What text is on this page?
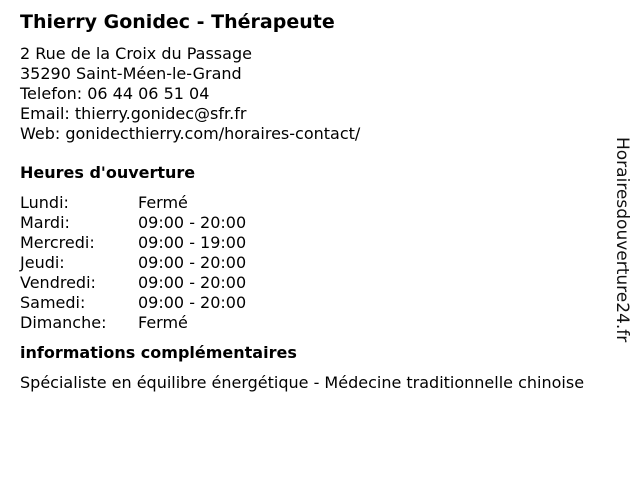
Thierry Gonidec - Thérapeute
2 Rue de la Croix du Passage
35290 Saint-Méen-le-Grand
Telefon: 06 44 06 51 04
Email: thierry.gonidec@sfr.fr
Web: gonidecthierry.com/horaires-contact/
Heures d'ouverture
Lundi:	Fermé
Mardi:	09:00 - 20:00
Mercredi:	09:00 - 19:00
Jeudi:	09:00 - 20:00
Vendredi:	09:00 - 20:00
Samedi:	09:00 - 20:00
Dimanche:	Fermé
informations complémentaires
Spécialiste en équilibre énergétique - Médecine traditionnelle chinoise
Horairesdouverture24.fr
